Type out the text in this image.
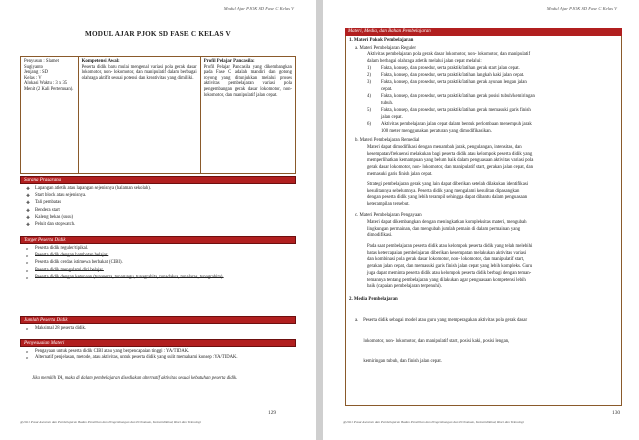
Modul Ajar PJOK SD Fase C Kelas V
MODUL AJAR PJOK SD FASE C KELAS V
Penyusun : Slamet
Sugiyanto
Jenjang : SD
Kelas : V
Alokasi Waktu : 3 x 35
Menit (2 Kali Pertemuan).
Kompetensi Awal:
Peserta didik baru mulai mengenal variasi pola gerak dasar lokomotor, non- lokomotor, dan manipulatif dalam berbagai olahraga aktifit sesuai potensi dan kreativitas yang dimiliki.
Profil Pelajar Pancasila:
Profil Pelajar Pancasila yang dikembangkan pada Fase C adalah mandiri dan gotong royong yang ditunjukkan melalui proses aktivitas pembelajaran variasi pola pengembangan gerak dasar lokomotor, non-lokomotor, dan manipulatif jalan cepat.
Sarana Prasarana
❖ Lapangan atletik atau lapangan sejenisnya (halaman sekolah).
❖ Start block atau sejenisnya.
❖ Tali pembatas
❖ Bendera start
❖ Kaleng bekas (susu)
❖ Peluit dan stopwatch.
Target Peserta Didik
o Peserta didik reguler/tipikal.
o Peserta didik dengan hambatan belajar.
o Peserta didik cerdas istimewa berbakat (CIBI).
o Peserta didik mengalami diri belajar.
o Peserta didik dengan ketunaan (tunanetra, tunarungu, tunagrahita, tunadaksa, tunalaras, tunagrahita).
Jumlah Peserta Didik
o Maksimal 28 peserta didik.
Penyesuaian Materi
o Pengayaan untuk peserta didik CIBI atau yang berpencapaian tinggi : YA/TIDAK.
o Alternatif penjelasan, metode, atau aktivitas, untuk peserta didik yang sulit memahami konsep :YA/TIDAK.
Jika memilih YA, maka di dalam pembelajaran disediakan alternatif aktivitas sesuai kebutuhan peserta didik.
129
@2021 Pusat Asesmen dan Pembelajaran Badan Penelitian dan Pengembangan dan Perbukuan, Kementdikbud, Riset dan Teknologi
Modul Ajar PJOK SD Fase C Kelas V
Materi, Media, dan Bahan Pembelajaran
1. Materi Pokok Pembelajaran
a. Materi Pembelajaran Reguler
Aktivitas pembelajaran pola gerak dasar lokomotor, non- lokomotor, dan manipulatif
dalam berbagai olahraga atletik melalui jalan cepat melalui:
1) Fakta, konsep, dan prosedur, serta praktik/latihan gerak start jalan cepat.
2) Fakta, konsep, dan prosedur, serta praktik/latihan langkah kaki jalan cepat.
3) Fakta, konsep, dan prosedur, serta praktik/latihan gerak ayunan lengan jalan
cepat.
4) Fakta, konsep, dan prosedur, serta praktik/latihan gerak posisi tubuh/kemiringan
tubuh.
5) Fakta, konsep, dan prosedur, serta praktik/latihan gerak memasuki garis finish
jalan cepat.
6) Aktivitas pembelajaran jalan cepat dalam bentuk perlombaan menempuh jarak
100 meter menggunakan peraturan yang dimodifikasikan.
b. Materi Pembelajaran Remedial
Materi dapat dimodifikasi dengan menambah jarak, pengulangan, intensitas, dan
kesempatan/frekuensi melakukan bagi peserta didik atau kelompok peserta didik yang
memperlihatkan kemampuan yang belum baik dalam penguasaan aktivitas variasi pola
gerak dasar lokomotor, non- lokomotor, dan manipulatif start, gerakan jalan cepat, dan
memasuki garis finish jalan cepat.
Strategi pembelajaran gerak yang lain dapat diberikan setelah dilakukan identifikasi
kesulitannya sebelumnya. Peserta didik yang mengalami kesulitan dipasangkan
dengan peserta didik yang lebih terampil sehingga dapat dibantu dalam penguasaan
keterampilan tersebut.
c. Materi Pembelajaran Pengayaan
Materi dapat dikembangkan dengan meningkatkan kompleksitas materi, mengubah
lingkungan permainan, dan mengubah jumlah pemain di dalam permainan yang
dimodifikasi.
Pada saat pembelajaran peserta didik atau kelompok peserta didik yang telah melebihi
batas ketercapaian pembelajaran diberikan kesempatan melakukan aktivitas variasi
dan kombinasi pola gerak dasar lokomotor, non- lokomotor, dan manipulatif start,
gerakan jalan cepat, dan memasuki garis finish jalan cepat yang lebih kompleks. Guru
juga dapat meminta peserta didik atau kelompok peserta didik berbagi dengan teman-
temannya tentang pembelajaran yang dilakukan agar penguasaan kompetensi lebih
baik (capaian pembelajaran terpenuhi).
2. Media Pembelajaran

a.    Peserta didik sebagai model atau guru yang memperagakan aktivitas pola gerak dasar

lokomotor, non- lokomotor, dan manipulatif start, posisi kaki, posisi lengan,

kemiringan tubuh, dan finish jalan cepat.

130
@2021 Pusat Asesmen dan Pembelajaran Badan Penelitian dan Pengembangan dan Perbukuan, Kementdikbud, Riset dan Teknologi
